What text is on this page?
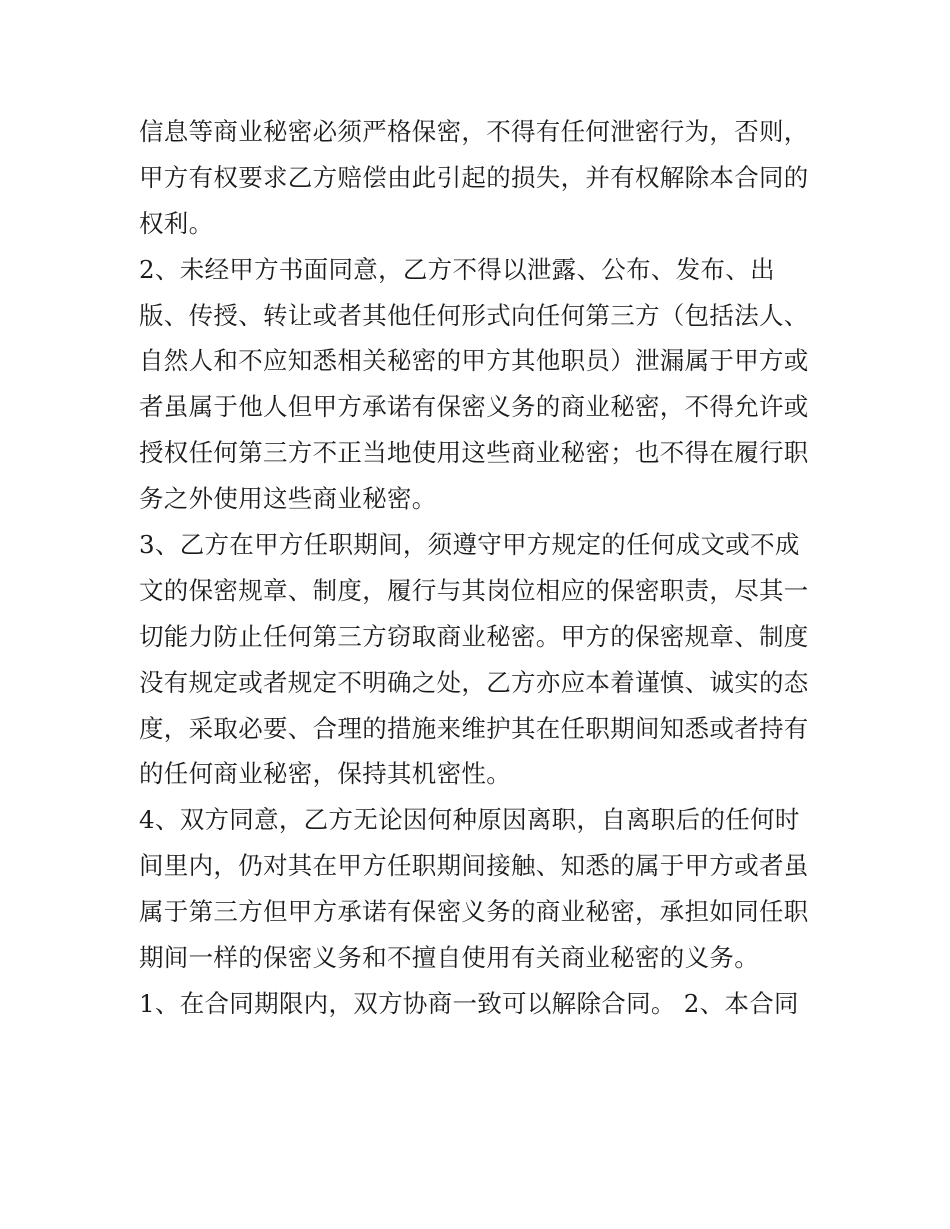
信息等商业秘密必须严格保密，不得有任何泄密行为，否则，
甲方有权要求乙方赔偿由此引起的损失，并有权解除本合同的
权利。
2、未经甲方书面同意，乙方不得以泄露、公布、发布、出
版、传授、转让或者其他任何形式向任何第三方（包括法人、
自然人和不应知悉相关秘密的甲方其他职员）泄漏属于甲方或
者虽属于他人但甲方承诺有保密义务的商业秘密，不得允许或
授权任何第三方不正当地使用这些商业秘密；也不得在履行职
务之外使用这些商业秘密。
3、乙方在甲方任职期间，须遵守甲方规定的任何成文或不成
文的保密规章、制度，履行与其岗位相应的保密职责，尽其一
切能力防止任何第三方窃取商业秘密。甲方的保密规章、制度
没有规定或者规定不明确之处，乙方亦应本着谨慎、诚实的态
度，采取必要、合理的措施来维护其在任职期间知悉或者持有
的任何商业秘密，保持其机密性。
4、双方同意，乙方无论因何种原因离职，自离职后的任何时
间里内，仍对其在甲方任职期间接触、知悉的属于甲方或者虽
属于第三方但甲方承诺有保密义务的商业秘密，承担如同任职
期间一样的保密义务和不擅自使用有关商业秘密的义务。
1、在合同期限内，双方协商一致可以解除合同。 2、本合同
